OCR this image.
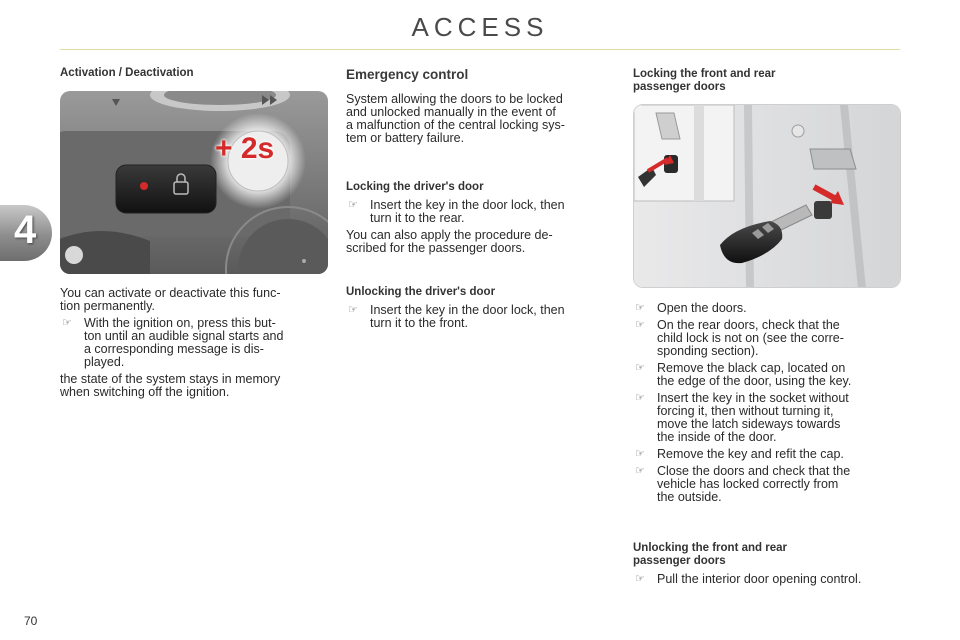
ACCESS
4
Activation / Deactivation
+ 2s
You can activate or deactivate this func-
tion permanently.
☞ With the ignition on, press this but-
ton until an audible signal starts and
a corresponding message is dis-
played.
the state of the system stays in memory
when switching off the ignition.
Emergency control
System allowing the doors to be locked
and unlocked manually in the event of
a malfunction of the central locking sys-
tem or battery failure.
Locking the driver's door
☞ Insert the key in the door lock, then
turn it to the rear.
You can also apply the procedure de-
scribed for the passenger doors.
Unlocking the driver's door
☞ Insert the key in the door lock, then
turn it to the front.
Locking the front and rear
passenger doors
☞ Open the doors.
☞ On the rear doors, check that the
child lock is not on (see the corre-
sponding section).
☞ Remove the black cap, located on
the edge of the door, using the key.
☞ Insert the key in the socket without
forcing it, then without turning it,
move the latch sideways towards
the inside of the door.
☞ Remove the key and refit the cap.
☞ Close the doors and check that the
vehicle has locked correctly from
the outside.
Unlocking the front and rear
passenger doors
☞ Pull the interior door opening control.
70
